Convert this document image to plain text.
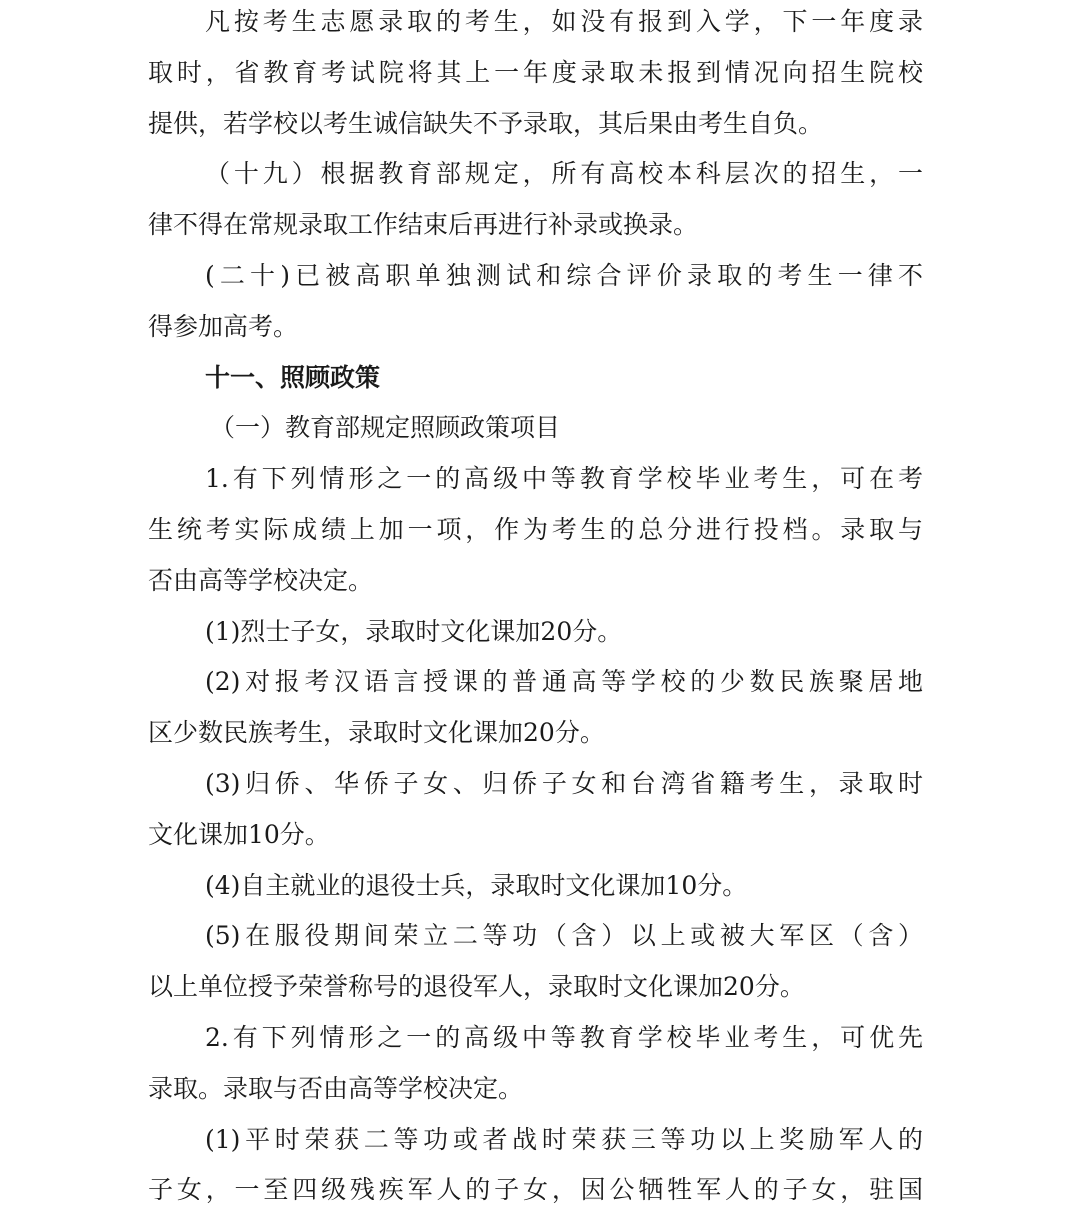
凡按考生志愿录取的考生，如没有报到入学，下一年度录
取时，省教育考试院将其上一年度录取未报到情况向招生院校
提供，若学校以考生诚信缺失不予录取，其后果由考生自负。
（十九）根据教育部规定，所有高校本科层次的招生，一
律不得在常规录取工作结束后再进行补录或换录。
(二十)已被高职单独测试和综合评价录取的考生一律不
得参加高考。
十一、照顾政策
（一）教育部规定照顾政策项目
1.有下列情形之一的高级中等教育学校毕业考生，可在考
生统考实际成绩上加一项，作为考生的总分进行投档。录取与
否由高等学校决定。
(1)烈士子女，录取时文化课加20分。
(2)对报考汉语言授课的普通高等学校的少数民族聚居地
区少数民族考生，录取时文化课加20分。
(3)归侨、华侨子女、归侨子女和台湾省籍考生，录取时
文化课加10分。
(4)自主就业的退役士兵，录取时文化课加10分。
(5)在服役期间荣立二等功（含）以上或被大军区（含）
以上单位授予荣誉称号的退役军人，录取时文化课加20分。
2.有下列情形之一的高级中等教育学校毕业考生，可优先
录取。录取与否由高等学校决定。
(1)平时荣获二等功或者战时荣获三等功以上奖励军人的
子女，一至四级残疾军人的子女，因公牺牲军人的子女，驻国
